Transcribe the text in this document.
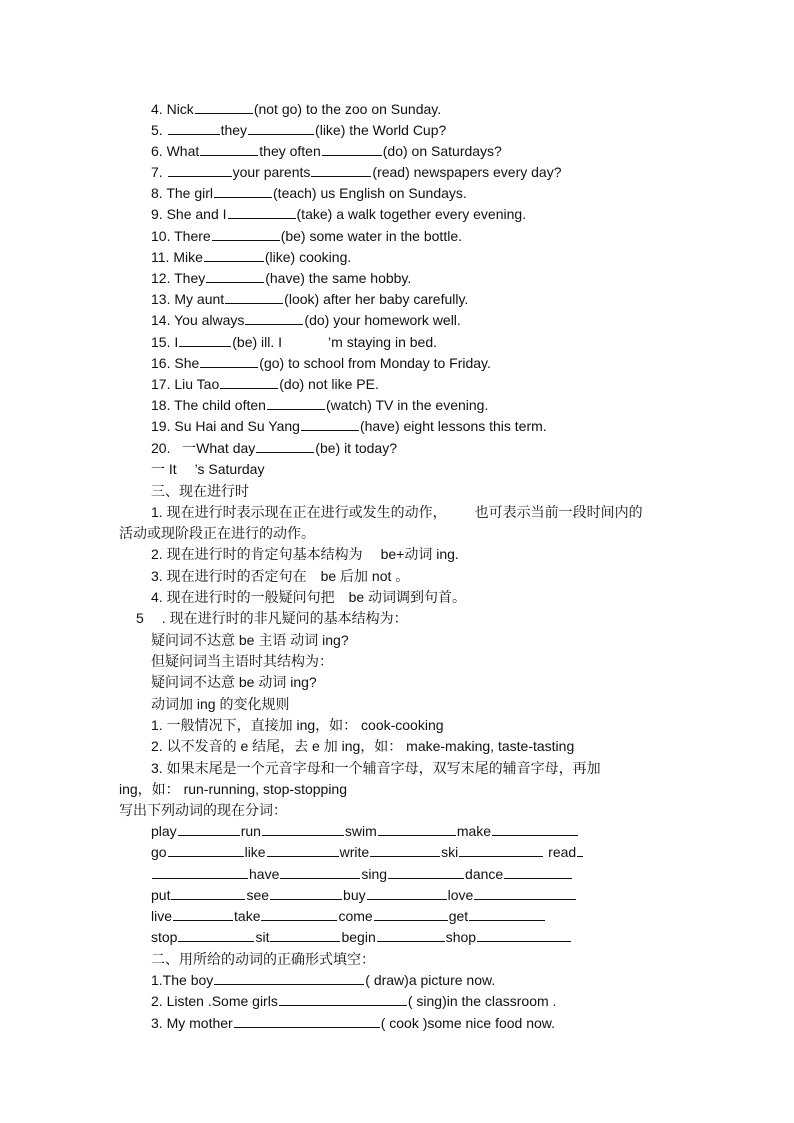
4. Nick	(not go) to the zoo on Sunday.
5.	they	(like) the World Cup?
6. What	they often	(do) on Saturdays?
7.	your parents	(read) newspapers every day?
8. The girl	(teach) us English on Sundays.
9. She and I	(take) a walk together every evening.
10. There	(be) some water in the bottle.
11. Mike	(like) cooking.
12. They	(have) the same hobby.
13. My aunt	(look) after her baby carefully.
14. You always	(do) your homework well.
15. I	(be) ill. I	’m staying in bed.
16. She	(go) to school from Monday to Friday.
17. Liu Tao	(do) not like PE.
18. The child often	(watch) TV in the evening.
19. Su Hai and Su Yang	(have) eight lessons this term.
20. 一What day	(be) it today?
一 It ’s Saturday
三、现在进行时
1. 现在进行时表示现在正在进行或发生的动作， 也可表示当前一段时间内的
活动或现阶段正在进行的动作。
2. 现在进行时的肯定句基本结构为 be+动词 ing.
3. 现在进行时的否定句在 be 后加 not 。
4. 现在进行时的一般疑问句把 be 动词调到句首。
5 . 现在进行时的非凡疑问的基本结构为：
疑问词不达意 be 主语 动词 ing?
但疑问词当主语时其结构为：
疑问词不达意 be 动词 ing?
动词加 ing 的变化规则
1. 一般情况下，直接加 ing，如： cook-cooking
2. 以不发音的 e 结尾，去 e 加 ing，如： make-making, taste-tasting
3. 如果末尾是一个元音字母和一个辅音字母，双写末尾的辅音字母，再加
ing，如： run-running, stop-stopping
写出下列动词的现在分词：
play	run	swim	make
go	like	write	ski	read
have	sing	dance
put	see	buy	love
live	take	come	get
stop	sit	begin	shop
二、用所给的动词的正确形式填空：
1.The boy	( draw)a picture now.
2. Listen .Some girls	( sing)in the classroom .
3. My mother	( cook )some nice food now.
